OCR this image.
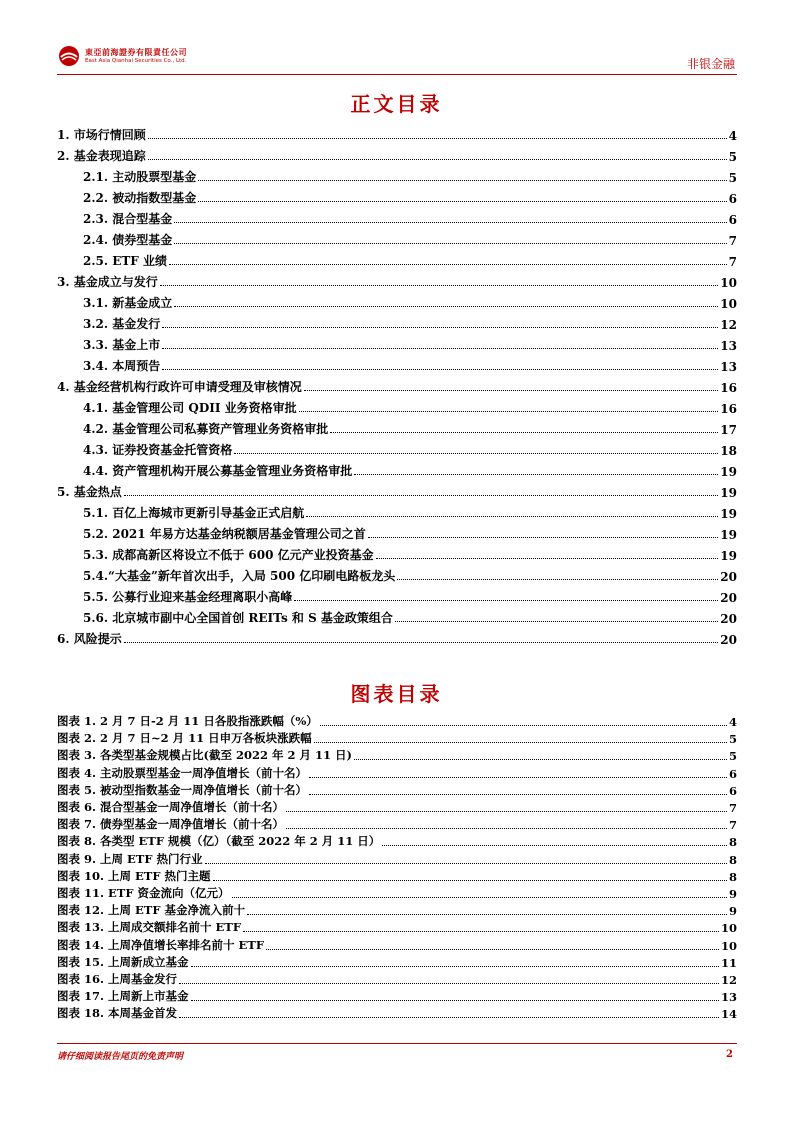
東亞前海證券有限責任公司
East Asia Qianhai Securities Co., Ltd.	非银金融
正文目录
1. 市场行情回顾	4
2. 基金表现追踪	5
2.1. 主动股票型基金	5
2.2. 被动指数型基金	6
2.3. 混合型基金	6
2.4. 债券型基金	7
2.5. ETF 业绩	7
3. 基金成立与发行	10
3.1. 新基金成立	10
3.2. 基金发行	12
3.3. 基金上市	13
3.4. 本周预告	13
4. 基金经营机构行政许可申请受理及审核情况	16
4.1. 基金管理公司 QDII 业务资格审批	16
4.2. 基金管理公司私募资产管理业务资格审批	17
4.3. 证券投资基金托管资格	18
4.4. 资产管理机构开展公募基金管理业务资格审批	19
5. 基金热点	19
5.1. 百亿上海城市更新引导基金正式启航	19
5.2. 2021 年易方达基金纳税额居基金管理公司之首	19
5.3. 成都高新区将设立不低于 600 亿元产业投资基金	19
5.4.“大基金”新年首次出手，入局 500 亿印刷电路板龙头	20
5.5. 公募行业迎来基金经理离职小高峰	20
5.6. 北京城市副中心全国首创 REITs 和 S 基金政策组合	20
6. 风险提示	20
图表目录
图表 1. 2 月 7 日-2 月 11 日各股指涨跌幅（%）	4
图表 2. 2 月 7 日~2 月 11 日申万各板块涨跌幅	5
图表 3. 各类型基金规模占比(截至 2022 年 2 月 11 日)	5
图表 4. 主动股票型基金一周净值增长（前十名）	6
图表 5. 被动型指数基金一周净值增长（前十名）	6
图表 6. 混合型基金一周净值增长（前十名）	7
图表 7. 债券型基金一周净值增长（前十名）	7
图表 8. 各类型 ETF 规模（亿）（截至 2022 年 2 月 11 日）	8
图表 9. 上周 ETF 热门行业	8
图表 10. 上周 ETF 热门主题	8
图表 11. ETF 资金流向（亿元）	9
图表 12. 上周 ETF 基金净流入前十	9
图表 13. 上周成交额排名前十 ETF	10
图表 14. 上周净值增长率排名前十 ETF	10
图表 15. 上周新成立基金	11
图表 16. 上周基金发行	12
图表 17. 上周新上市基金	13
图表 18. 本周基金首发	14
请仔细阅读报告尾页的免责声明	2
